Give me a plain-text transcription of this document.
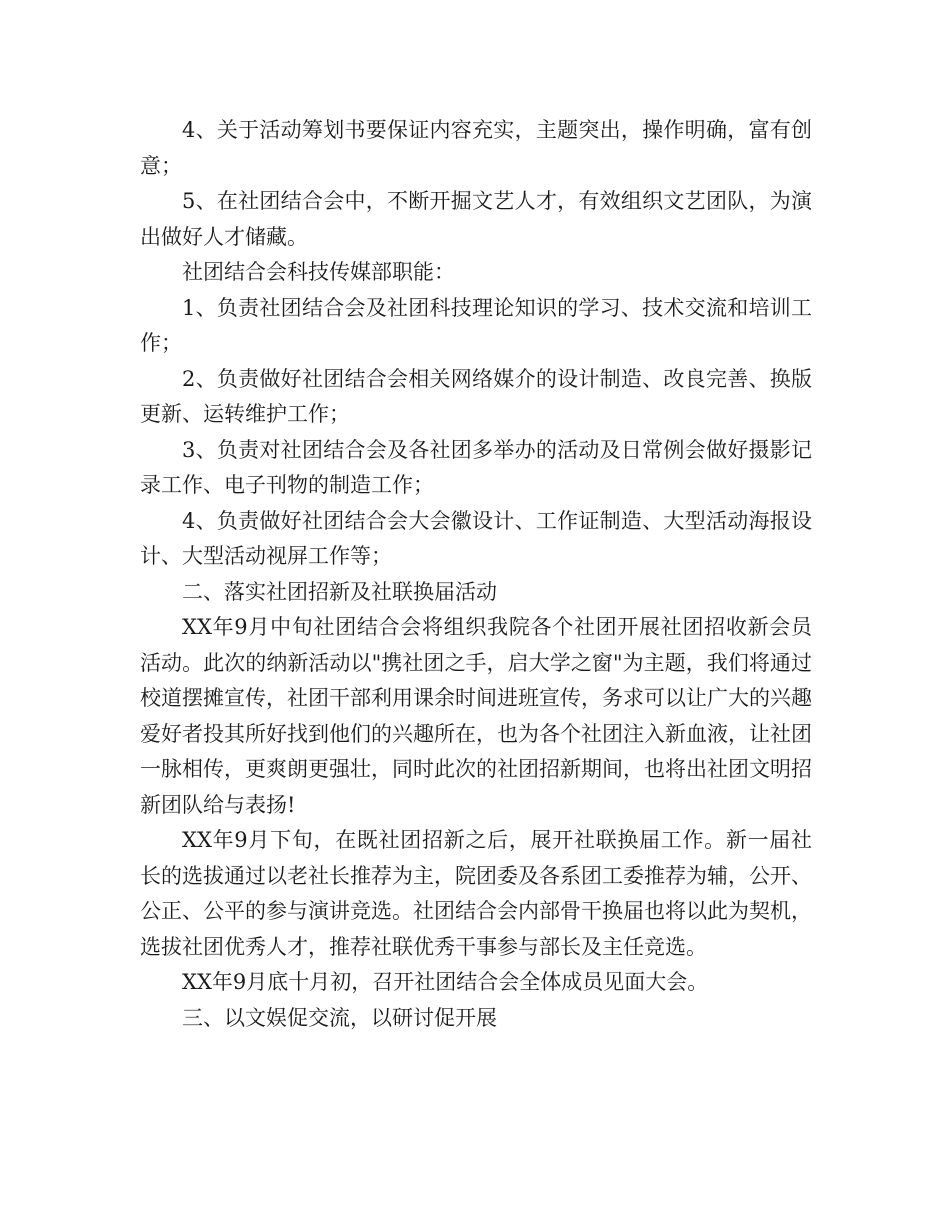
4、关于活动筹划书要保证内容充实，主题突出，操作明确，富有创意；

5、在社团结合会中，不断开掘文艺人才，有效组织文艺团队，为演出做好人才储藏。

社团结合会科技传媒部职能：

1、负责社团结合会及社团科技理论知识的学习、技术交流和培训工作；

2、负责做好社团结合会相关网络媒介的设计制造、改良完善、换版更新、运转维护工作；

3、负责对社团结合会及各社团多举办的活动及日常例会做好摄影记录工作、电子刊物的制造工作；

4、负责做好社团结合会大会徽设计、工作证制造、大型活动海报设计、大型活动视屏工作等；

二、落实社团招新及社联换届活动

XX年9月中旬社团结合会将组织我院各个社团开展社团招收新会员活动。此次的纳新活动以"携社团之手，启大学之窗"为主题，我们将通过校道摆摊宣传，社团干部利用课余时间进班宣传，务求可以让广大的兴趣爱好者投其所好找到他们的兴趣所在，也为各个社团注入新血液，让社团一脉相传，更爽朗更强壮，同时此次的社团招新期间，也将出社团文明招新团队给与表扬!

XX年9月下旬，在既社团招新之后，展开社联换届工作。新一届社长的选拔通过以老社长推荐为主，院团委及各系团工委推荐为辅，公开、公正、公平的参与演讲竞选。社团结合会内部骨干换届也将以此为契机，选拔社团优秀人才，推荐社联优秀干事参与部长及主任竞选。

XX年9月底十月初，召开社团结合会全体成员见面大会。

三、以文娱促交流，以研讨促开展
